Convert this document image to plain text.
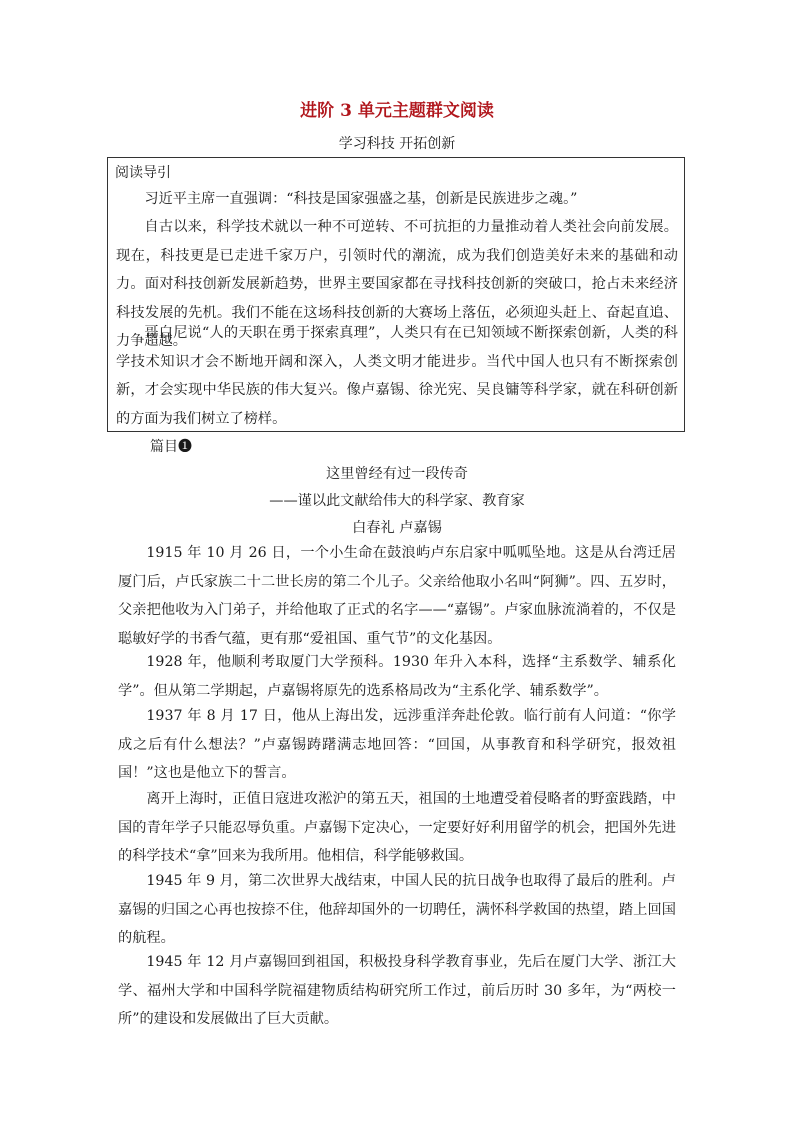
进阶 3 单元主题群文阅读
学习科技 开拓创新
阅读导引
习近平主席一直强调：“科技是国家强盛之基，创新是民族进步之魂。”
自古以来，科学技术就以一种不可逆转、不可抗拒的力量推动着人类社会向前发展。现在，科技更是已走进千家万户，引领时代的潮流，成为我们创造美好未来的基础和动力。面对科技创新发展新趋势，世界主要国家都在寻找科技创新的突破口，抢占未来经济科技发展的先机。我们不能在这场科技创新的大赛场上落伍，必须迎头赶上、奋起直追、力争超越。
哥白尼说“人的天职在勇于探索真理”，人类只有在已知领域不断探索创新，人类的科学技术知识才会不断地开阔和深入，人类文明才能进步。当代中国人也只有不断探索创新，才会实现中华民族的伟大复兴。像卢嘉锡、徐光宪、吴良镛等科学家，就在科研创新的方面为我们树立了榜样。
篇目❶
这里曾经有过一段传奇
——谨以此文献给伟大的科学家、教育家
白春礼 卢嘉锡
1915 年 10 月 26 日，一个小生命在鼓浪屿卢东启家中呱呱坠地。这是从台湾迁居厦门后，卢氏家族二十二世长房的第二个儿子。父亲给他取小名叫“阿狮”。四、五岁时，父亲把他收为入门弟子，并给他取了正式的名字——“嘉锡”。卢家血脉流淌着的，不仅是聪敏好学的书香气蕴，更有那“爱祖国、重气节”的文化基因。
1928 年，他顺利考取厦门大学预科。1930 年升入本科，选择“主系数学、辅系化学”。但从第二学期起，卢嘉锡将原先的选系格局改为“主系化学、辅系数学”。
1937 年 8 月 17 日，他从上海出发，远涉重洋奔赴伦敦。临行前有人问道：“你学成之后有什么想法？”卢嘉锡踌躇满志地回答：“回国，从事教育和科学研究，报效祖国！”这也是他立下的誓言。
离开上海时，正值日寇进攻淞沪的第五天，祖国的土地遭受着侵略者的野蛮践踏，中国的青年学子只能忍辱负重。卢嘉锡下定决心，一定要好好利用留学的机会，把国外先进的科学技术“拿”回来为我所用。他相信，科学能够救国。
1945 年 9 月，第二次世界大战结束，中国人民的抗日战争也取得了最后的胜利。卢嘉锡的归国之心再也按捺不住，他辞却国外的一切聘任，满怀科学救国的热望，踏上回国的航程。
1945 年 12 月卢嘉锡回到祖国，积极投身科学教育事业，先后在厦门大学、浙江大学、福州大学和中国科学院福建物质结构研究所工作过，前后历时 30 多年，为“两校一所”的建设和发展做出了巨大贡献。
